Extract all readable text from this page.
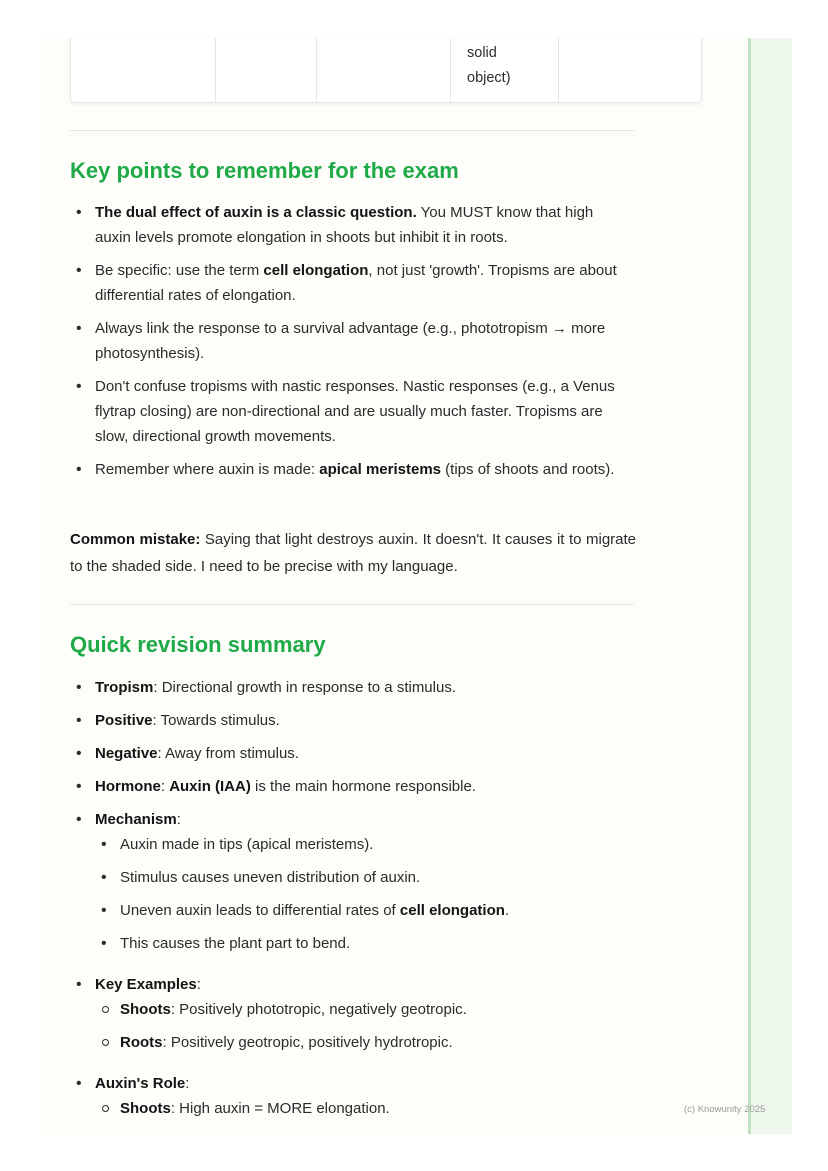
solid
object)
Key points to remember for the exam
• The dual effect of auxin is a classic question. You MUST know that high auxin levels promote elongation in shoots but inhibit it in roots.
• Be specific: use the term cell elongation, not just 'growth'. Tropisms are about differential rates of elongation.
• Always link the response to a survival advantage (e.g., phototropism → more photosynthesis).
• Don't confuse tropisms with nastic responses. Nastic responses (e.g., a Venus flytrap closing) are non-directional and are usually much faster. Tropisms are slow, directional growth movements.
• Remember where auxin is made: apical meristems (tips of shoots and roots).

Common mistake: Saying that light destroys auxin. It doesn't. It causes it to migrate to the shaded side. I need to be precise with my language.

Quick revision summary
• Tropism: Directional growth in response to a stimulus.
• Positive: Towards stimulus.
• Negative: Away from stimulus.
• Hormone: Auxin (IAA) is the main hormone responsible.
• Mechanism:
• Auxin made in tips (apical meristems).
• Stimulus causes uneven distribution of auxin.
• Uneven auxin leads to differential rates of cell elongation.
• This causes the plant part to bend.
• Key Examples:
Shoots: Positively phototropic, negatively geotropic.
Roots: Positively geotropic, positively hydrotropic.
• Auxin's Role:
Shoots: High auxin = MORE elongation.	(c) Knowunity 2025
